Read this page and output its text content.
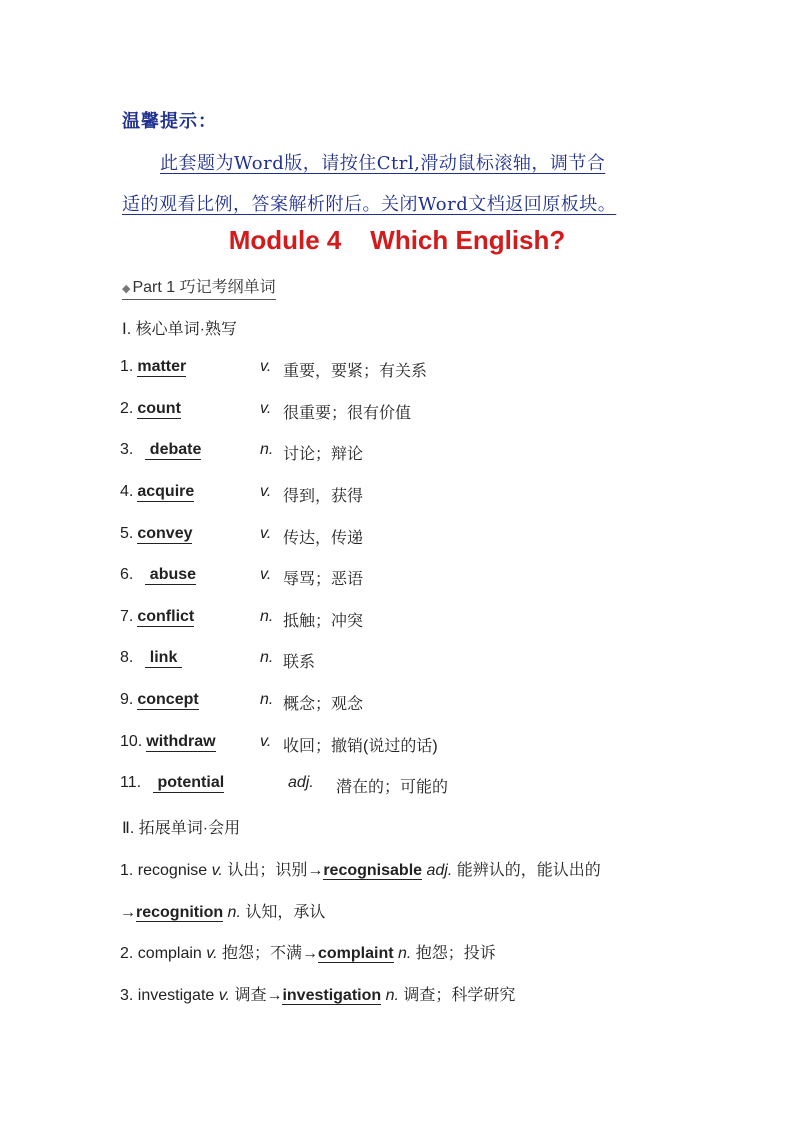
温馨提示：
此套题为Word版，请按住Ctrl,滑动鼠标滚轴，调节合
适的观看比例，答案解析附后。关闭Word文档返回原板块。
Module 4    Which English?
◆ Part 1 巧记考纲单词
Ⅰ. 核心单词·熟写
1. matter	v. 重要，要紧；有关系
2. count	v. 很重要；很有价值
3. debate	n. 讨论；辩论
4. acquire	v. 得到，获得
5. convey	v. 传达，传递
6. abuse	v. 辱骂；恶语
7. conflict	n. 抵触；冲突
8. link	n. 联系
9. concept	n. 概念；观念
10. withdraw	v. 收回；撤销(说过的话)
11. potential	adj. 潜在的；可能的
Ⅱ. 拓展单词·会用
1. recognise v. 认出；识别→recognisable adj. 能辨认的，能认出的
→recognition n. 认知，承认
2. complain v. 抱怨；不满→complaint n. 抱怨；投诉
3. investigate v. 调查→investigation n. 调查；科学研究
